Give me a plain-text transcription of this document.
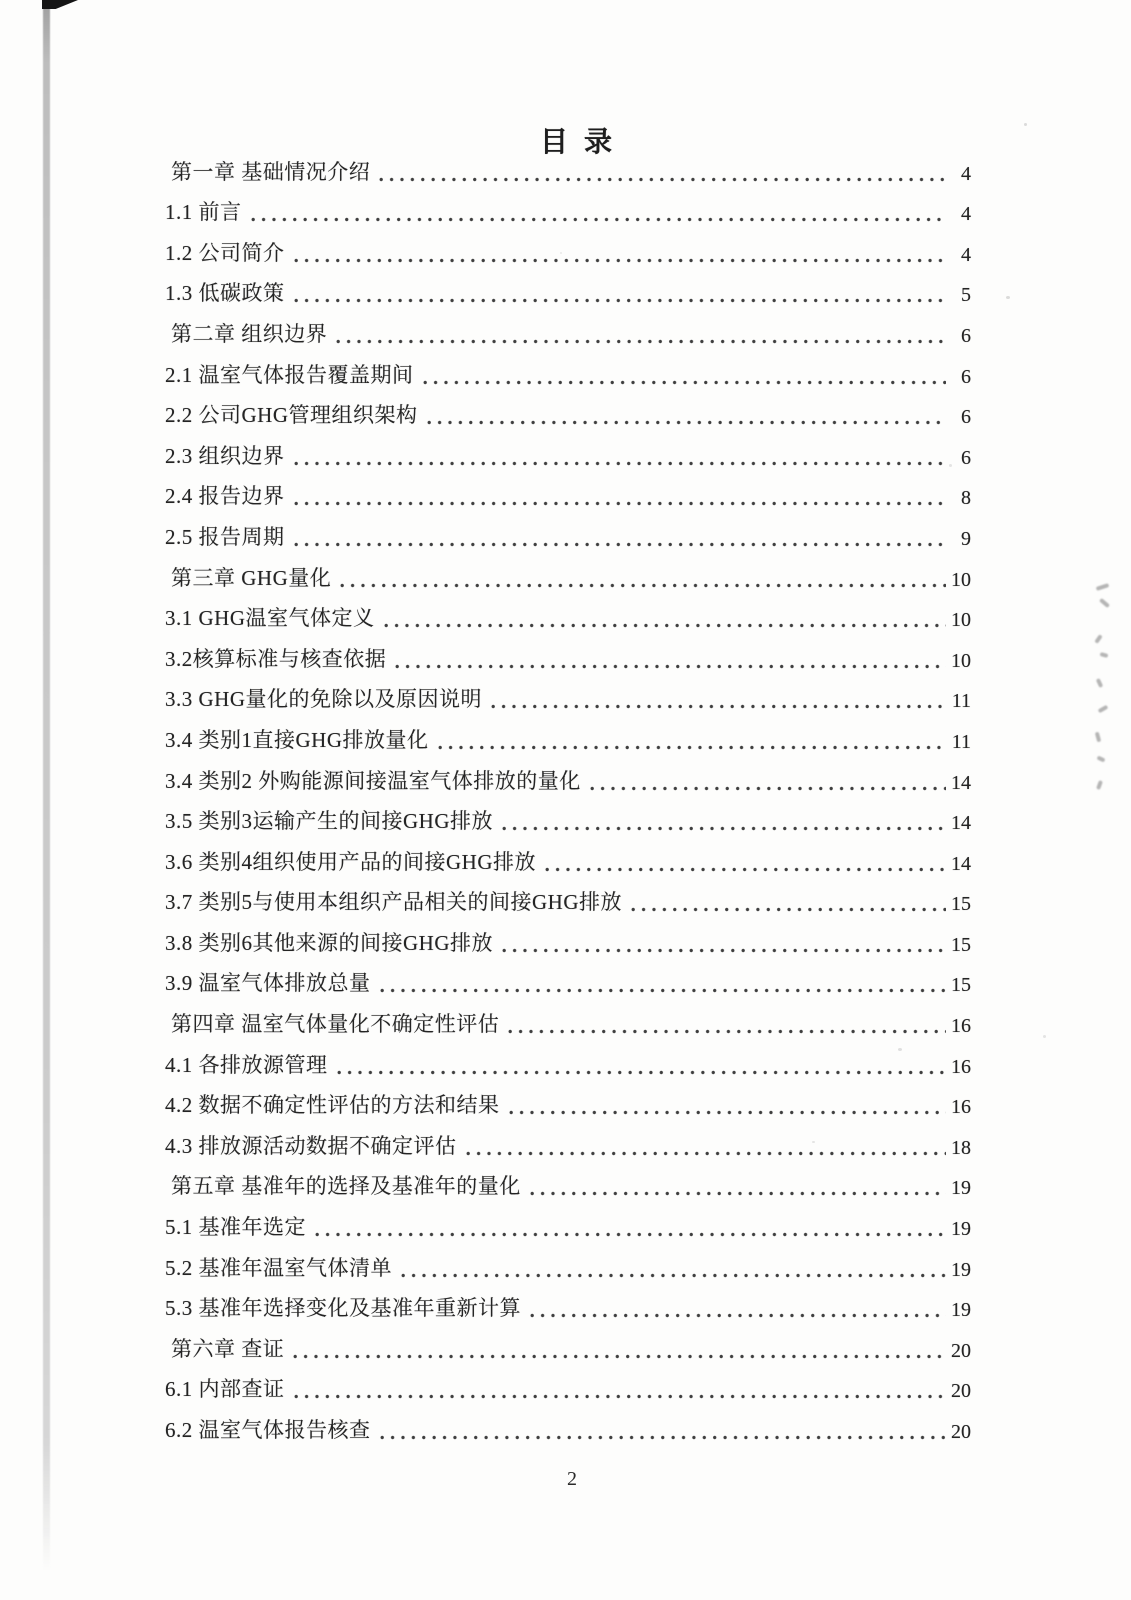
目录
第一章 基础情况介绍	4
1.1 前言	4
1.2 公司简介	4
1.3 低碳政策	5
第二章 组织边界	6
2.1 温室气体报告覆盖期间	6
2.2 公司GHG管理组织架构	6
2.3 组织边界	6
2.4 报告边界	8
2.5 报告周期	9
第三章 GHG量化	10
3.1 GHG温室气体定义	10
3.2核算标准与核查依据	10
3.3 GHG量化的免除以及原因说明	11
3.4 类别1直接GHG排放量化	11
3.4 类别2 外购能源间接温室气体排放的量化	14
3.5 类别3运输产生的间接GHG排放	14
3.6 类别4组织使用产品的间接GHG排放	14
3.7 类别5与使用本组织产品相关的间接GHG排放	15
3.8 类别6其他来源的间接GHG排放	15
3.9 温室气体排放总量	15
第四章 温室气体量化不确定性评估	16
4.1 各排放源管理	16
4.2 数据不确定性评估的方法和结果	16
4.3 排放源活动数据不确定评估	18
第五章 基准年的选择及基准年的量化	19
5.1 基准年选定	19
5.2 基准年温室气体清单	19
5.3 基准年选择变化及基准年重新计算	19
第六章 查证	20
6.1 内部查证	20
6.2 温室气体报告核查	20
2
